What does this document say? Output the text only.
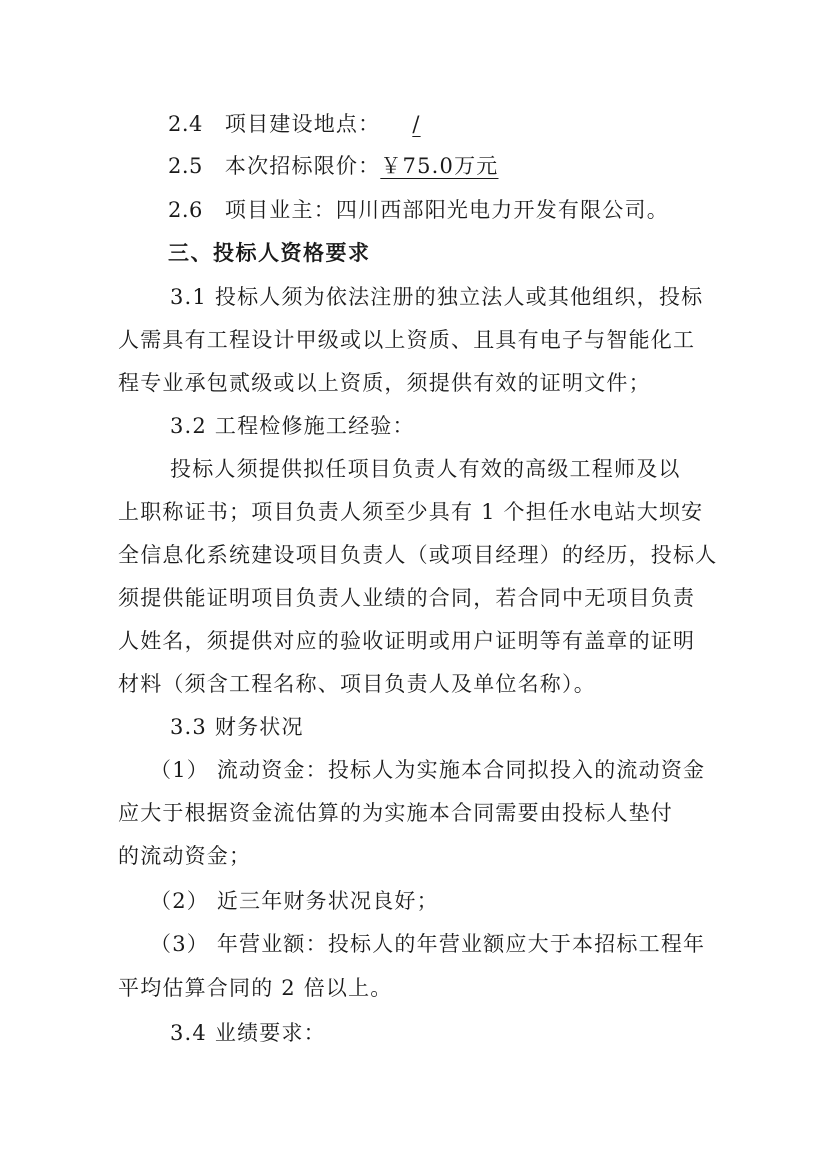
2.4 项目建设地点： /
2.5 本次招标限价：￥75.0万元
2.6 项目业主：四川西部阳光电力开发有限公司。
三、投标人资格要求
3.1 投标人须为依法注册的独立法人或其他组织，投标
人需具有工程设计甲级或以上资质、且具有电子与智能化工
程专业承包贰级或以上资质，须提供有效的证明文件；
3.2 工程检修施工经验：
投标人须提供拟任项目负责人有效的高级工程师及以
上职称证书；项目负责人须至少具有 1 个担任水电站大坝安
全信息化系统建设项目负责人（或项目经理）的经历，投标人
须提供能证明项目负责人业绩的合同，若合同中无项目负责
人姓名，须提供对应的验收证明或用户证明等有盖章的证明
材料（须含工程名称、项目负责人及单位名称）。
3.3 财务状况
（1） 流动资金：投标人为实施本合同拟投入的流动资金
应大于根据资金流估算的为实施本合同需要由投标人垫付
的流动资金；
（2） 近三年财务状况良好；
（3） 年营业额：投标人的年营业额应大于本招标工程年
平均估算合同的 2 倍以上。
3.4 业绩要求：
